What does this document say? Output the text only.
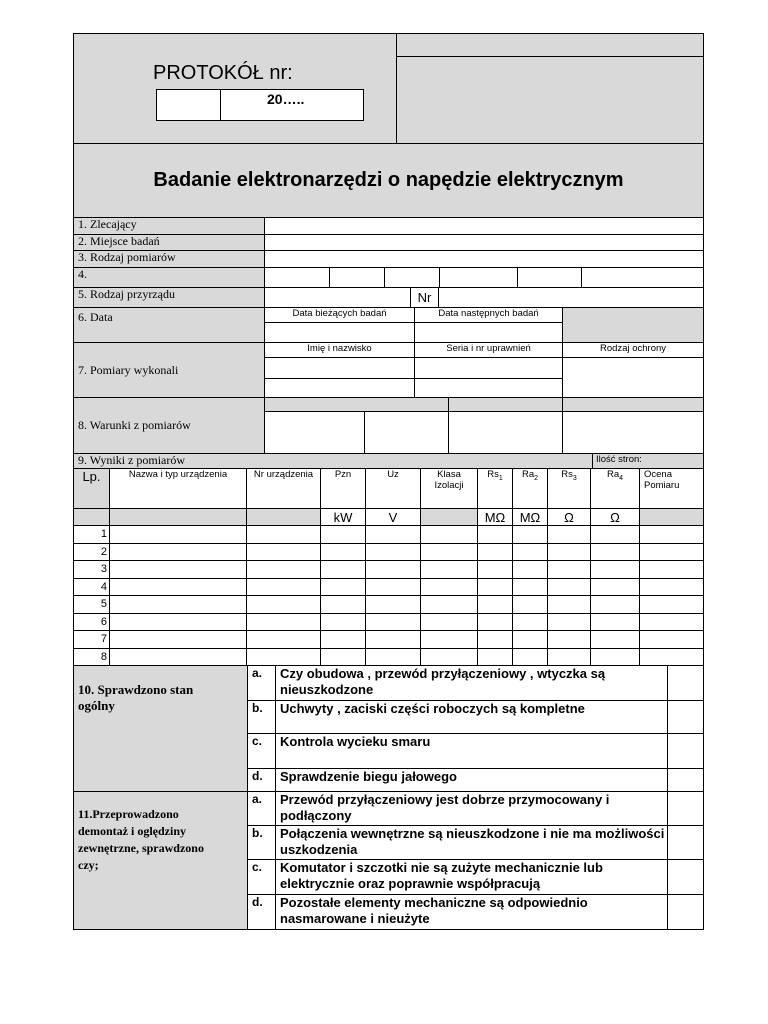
PROTOKÓŁ nr:
	20…..

Badanie elektronarzędzi o napędzie elektrycznym
1. Zlecający						
2. Miejsce badań						
3. Rodzaj pomiarów						
4.						
5. Rodzaj przyrządu		Nr	
6. Data	Data bieżących badań		Data następnych badań		

7. Pomiary wykonali	Imię i nazwisko		Seria i nr uprawnień		Rodzaj ochrony

8. Warunki z pomiarów					

9. Wyniki z pomiarów	Ilość stron:
Lp.	Nazwa i typ urządzenia	Nr urządzenia	Pzn	Uz	Klasa Izolacji	$Rs_1$	$Ra_2$	$Rs_3$	$Ra_4$	Ocena Pomiaru
			kW	V		MΩ	MΩ	Ω	Ω	
1										
2										
3										
4										
5										
6										
7										
8										
10. Sprawdzono stan ogólny	a.	Czy obudowa , przewód przyłączeniowy , wtyczka są nieuszkodzone	
	b.	Uchwyty , zaciski części roboczych są kompletne	
	c.	Kontrola wycieku smaru	
	d.	Sprawdzenie biegu jałowego	
11.Przeprowadzono demontaż i oględziny zewnętrzne, sprawdzono czy;	a.	Przewód przyłączeniowy jest dobrze przymocowany i podłączony	
	b.	Połączenia wewnętrzne są nieuszkodzone i nie ma możliwości uszkodzenia	
	c.	Komutator i szczotki nie są zużyte mechanicznie lub elektrycznie oraz poprawnie współpracują	
	d.	Pozostałe elementy mechaniczne są odpowiednio nasmarowane i nieużyte	
